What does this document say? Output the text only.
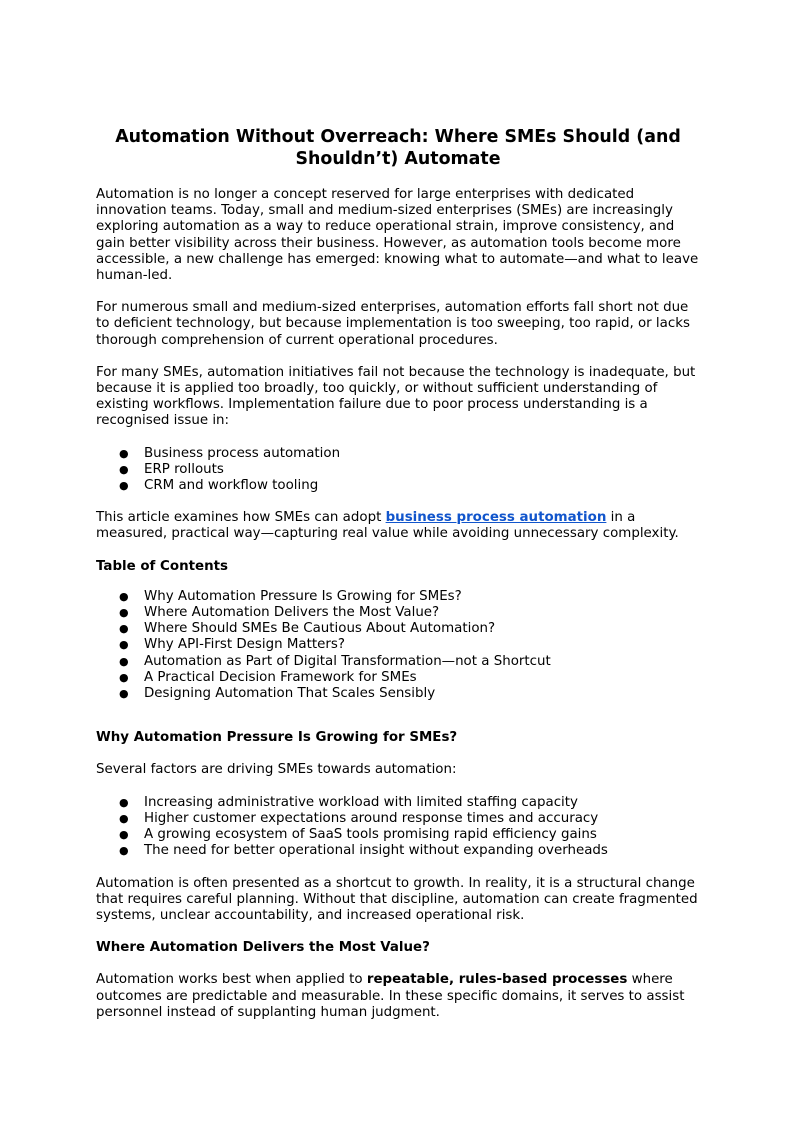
Automation Without Overreach: Where SMEs Should (and Shouldn’t) Automate

Automation is no longer a concept reserved for large enterprises with dedicated innovation teams. Today, small and medium-sized enterprises (SMEs) are increasingly exploring automation as a way to reduce operational strain, improve consistency, and gain better visibility across their business. However, as automation tools become more accessible, a new challenge has emerged: knowing what to automate—and what to leave human-led.

For numerous small and medium-sized enterprises, automation efforts fall short not due to deficient technology, but because implementation is too sweeping, too rapid, or lacks thorough comprehension of current operational procedures.

For many SMEs, automation initiatives fail not because the technology is inadequate, but because it is applied too broadly, too quickly, or without sufficient understanding of existing workflows. Implementation failure due to poor process understanding is a recognised issue in:

● Business process automation
● ERP rollouts
● CRM and workflow tooling

This article examines how SMEs can adopt business process automation in a measured, practical way—capturing real value while avoiding unnecessary complexity.

Table of Contents
● Why Automation Pressure Is Growing for SMEs?
● Where Automation Delivers the Most Value?
● Where Should SMEs Be Cautious About Automation?
● Why API-First Design Matters?
● Automation as Part of Digital Transformation—not a Shortcut
● A Practical Decision Framework for SMEs
● Designing Automation That Scales Sensibly
Why Automation Pressure Is Growing for SMEs?

Several factors are driving SMEs towards automation:

● Increasing administrative workload with limited staffing capacity
● Higher customer expectations around response times and accuracy
● A growing ecosystem of SaaS tools promising rapid efficiency gains
● The need for better operational insight without expanding overheads

Automation is often presented as a shortcut to growth. In reality, it is a structural change that requires careful planning. Without that discipline, automation can create fragmented systems, unclear accountability, and increased operational risk.

Where Automation Delivers the Most Value?

Automation works best when applied to repeatable, rules-based processes where outcomes are predictable and measurable. In these specific domains, it serves to assist personnel instead of supplanting human judgment.
